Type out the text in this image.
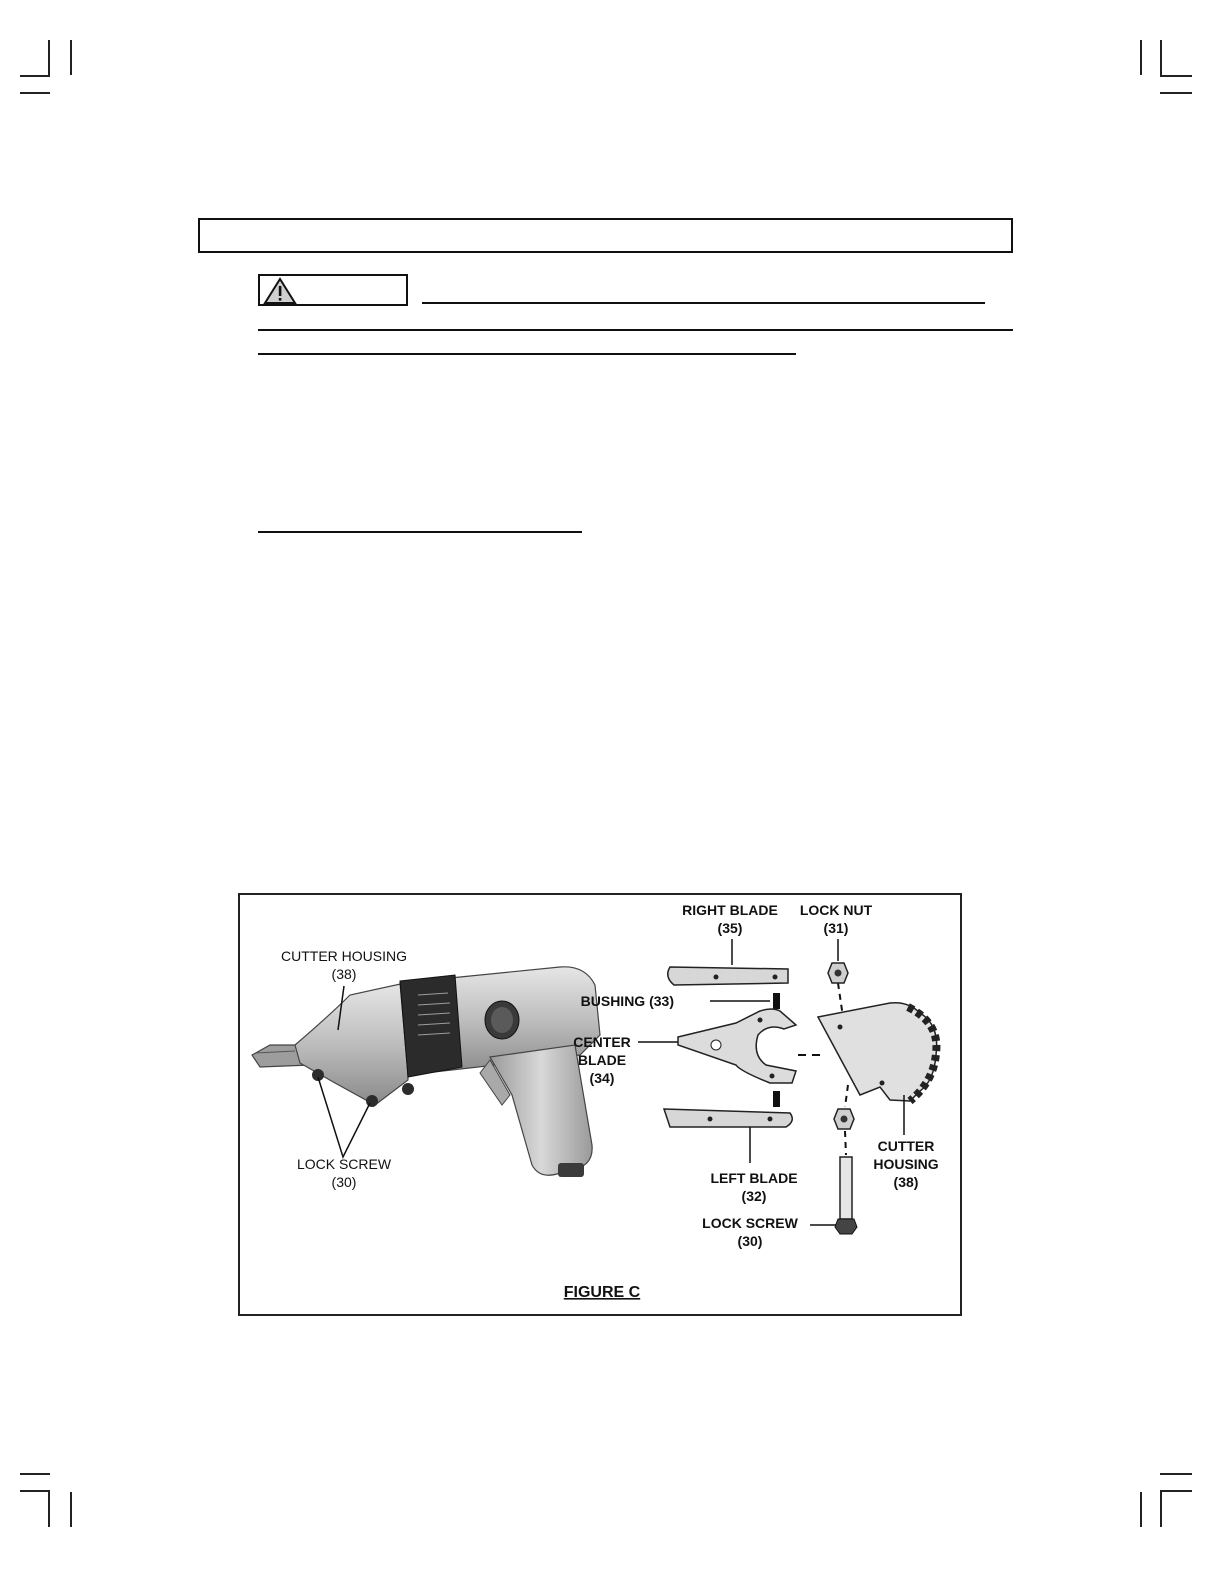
RIGHT BLADE
(35)
LOCK NUT
(31)
CUTTER HOUSING
(38)
BUSHING (33)
CENTER
BLADE
(34)
LOCK SCREW
(30)	LEFT BLADE
(32)
CUTTER
HOUSING
(38)
LOCK SCREW
(30)
FIGURE C
